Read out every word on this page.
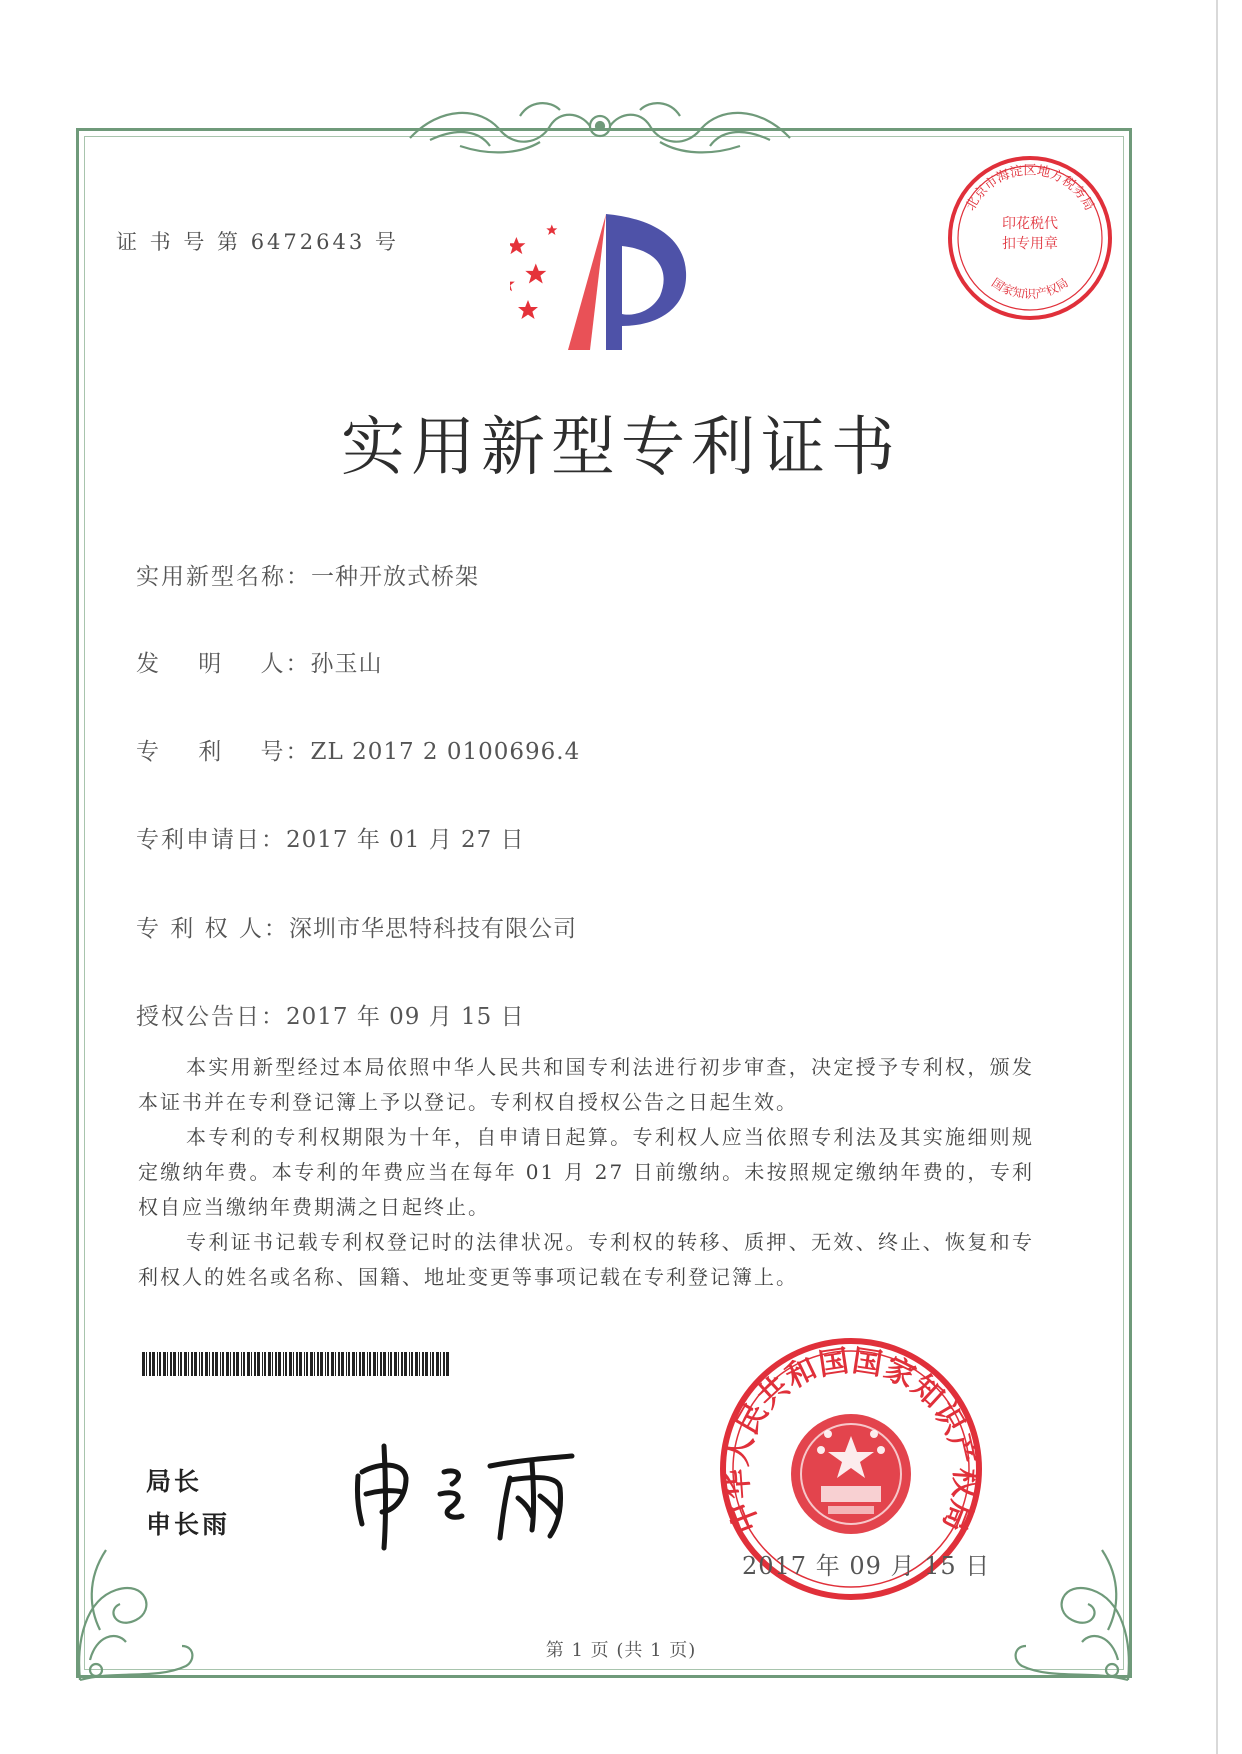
证 书 号 第 6472643 号
北京市海淀区地方税务局
国家知识产权局
印花税代扣专用章
实用新型专利证书
实用新型名称：一种开放式桥架
发    明    人：孙玉山
专    利    号：ZL 2017 2 0100696.4
专利申请日：2017 年 01 月 27 日
专 利 权 人：深圳市华思特科技有限公司
授权公告日：2017 年 09 月 15 日

本实用新型经过本局依照中华人民共和国专利法进行初步审查，决定授予专利权，颁发本证书并在专利登记簿上予以登记。专利权自授权公告之日起生效。

本专利的专利权期限为十年，自申请日起算。专利权人应当依照专利法及其实施细则规定缴纳年费。本专利的年费应当在每年 01 月 27 日前缴纳。未按照规定缴纳年费的，专利权自应当缴纳年费期满之日起终止。

专利证书记载专利权登记时的法律状况。专利权的转移、质押、无效、终止、恢复和专利权人的姓名或名称、国籍、地址变更等事项记载在专利登记簿上。

局长
申长雨	中华人民共和国国家知识产权局
2017 年 09 月 15 日
第 1 页 (共 1 页)
